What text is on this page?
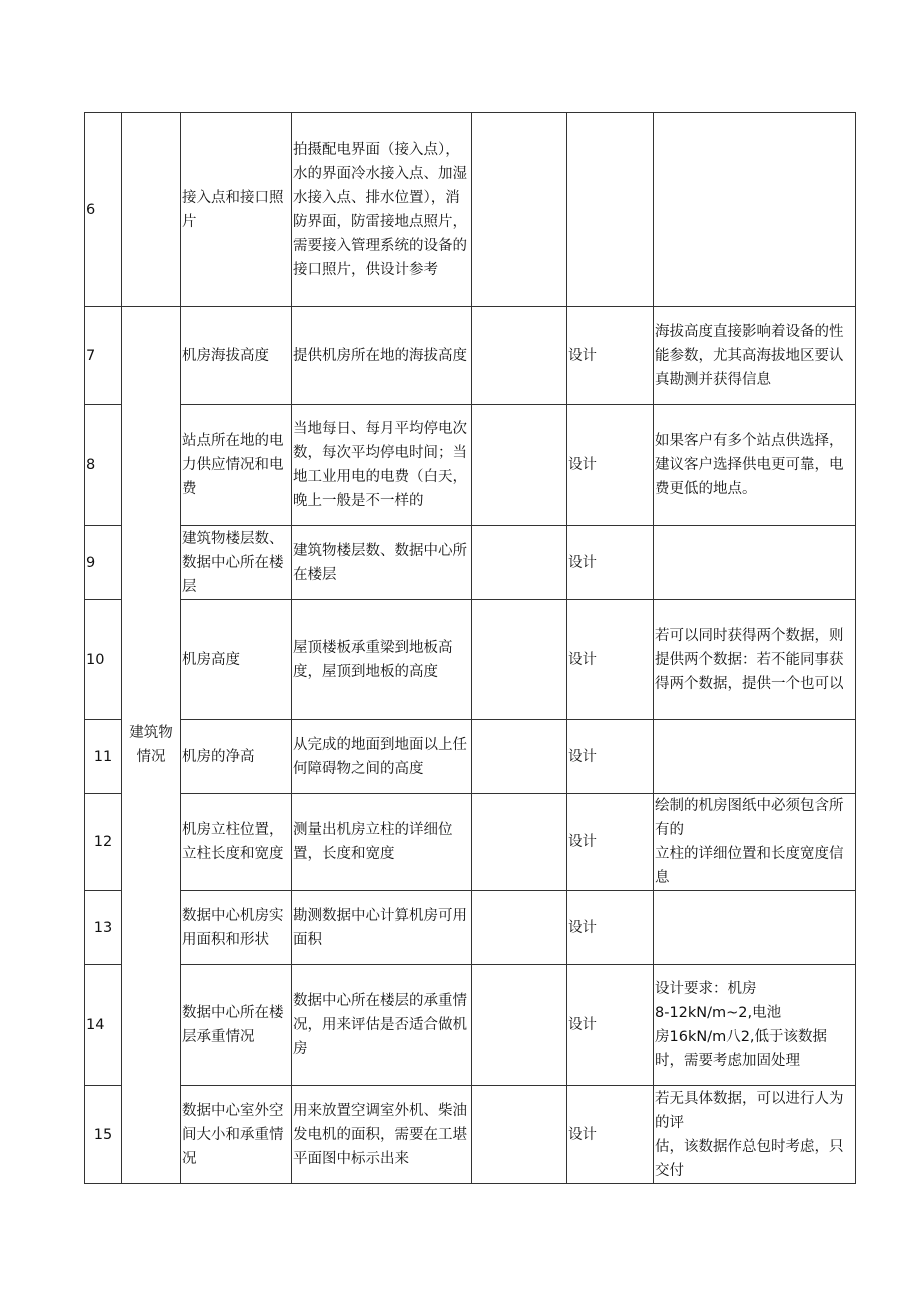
6		接入点和接口照片	拍摄配电界面（接入点），水的界面冷水接入点、加湿水接入点、排水位置），消防界面，防雷接地点照片，需要接入管理系统的设备的接口照片，供设计参考			
7	建筑物情况	机房海拔高度	提供机房所在地的海拔高度		设计	海拔高度直接影响着设备的性能参数，尤其高海拔地区要认真勘测并获得信息
8		站点所在地的电力供应情况和电费	当地每日、每月平均停电次数，每次平均停电时间；当地工业用电的电费（白天，晚上一般是不一样的		设计	如果客户有多个站点供选择，建议客户选择供电更可靠，电费更低的地点。
9		建筑物楼层数、数据中心所在楼层	建筑物楼层数、数据中心所在楼层		设计	
10		机房高度	屋顶楼板承重梁到地板高度，屋顶到地板的高度		设计	若可以同时获得两个数据，则提供两个数据：若不能同事获得两个数据，提供一个也可以
11		机房的净高	从完成的地面到地面以上任何障碍物之间的高度		设计	
12		机房立柱位置，立柱长度和宽度	测量出机房立柱的详细位置，长度和宽度		设计	绘制的机房图纸中必须包含所有的
立柱的详细位置和长度宽度信息

13		数据中心机房实用面积和形状	勘测数据中心计算机房可用面积		设计	
14		数据中心所在楼层承重情况	数据中心所在楼层的承重情况，用来评估是否适合做机房		设计	设计要求：机房
8-12kN/m~2,电池
房16kN/m八2,低于该数据时，需要考虑加固处理

15		数据中心室外空间大小和承重情况	用来放置空调室外机、柴油发电机的面积，需要在工堪平面图中标示出来		设计	若无具体数据，可以进行人为的评
估，该数据作总包时考虑，只交付
